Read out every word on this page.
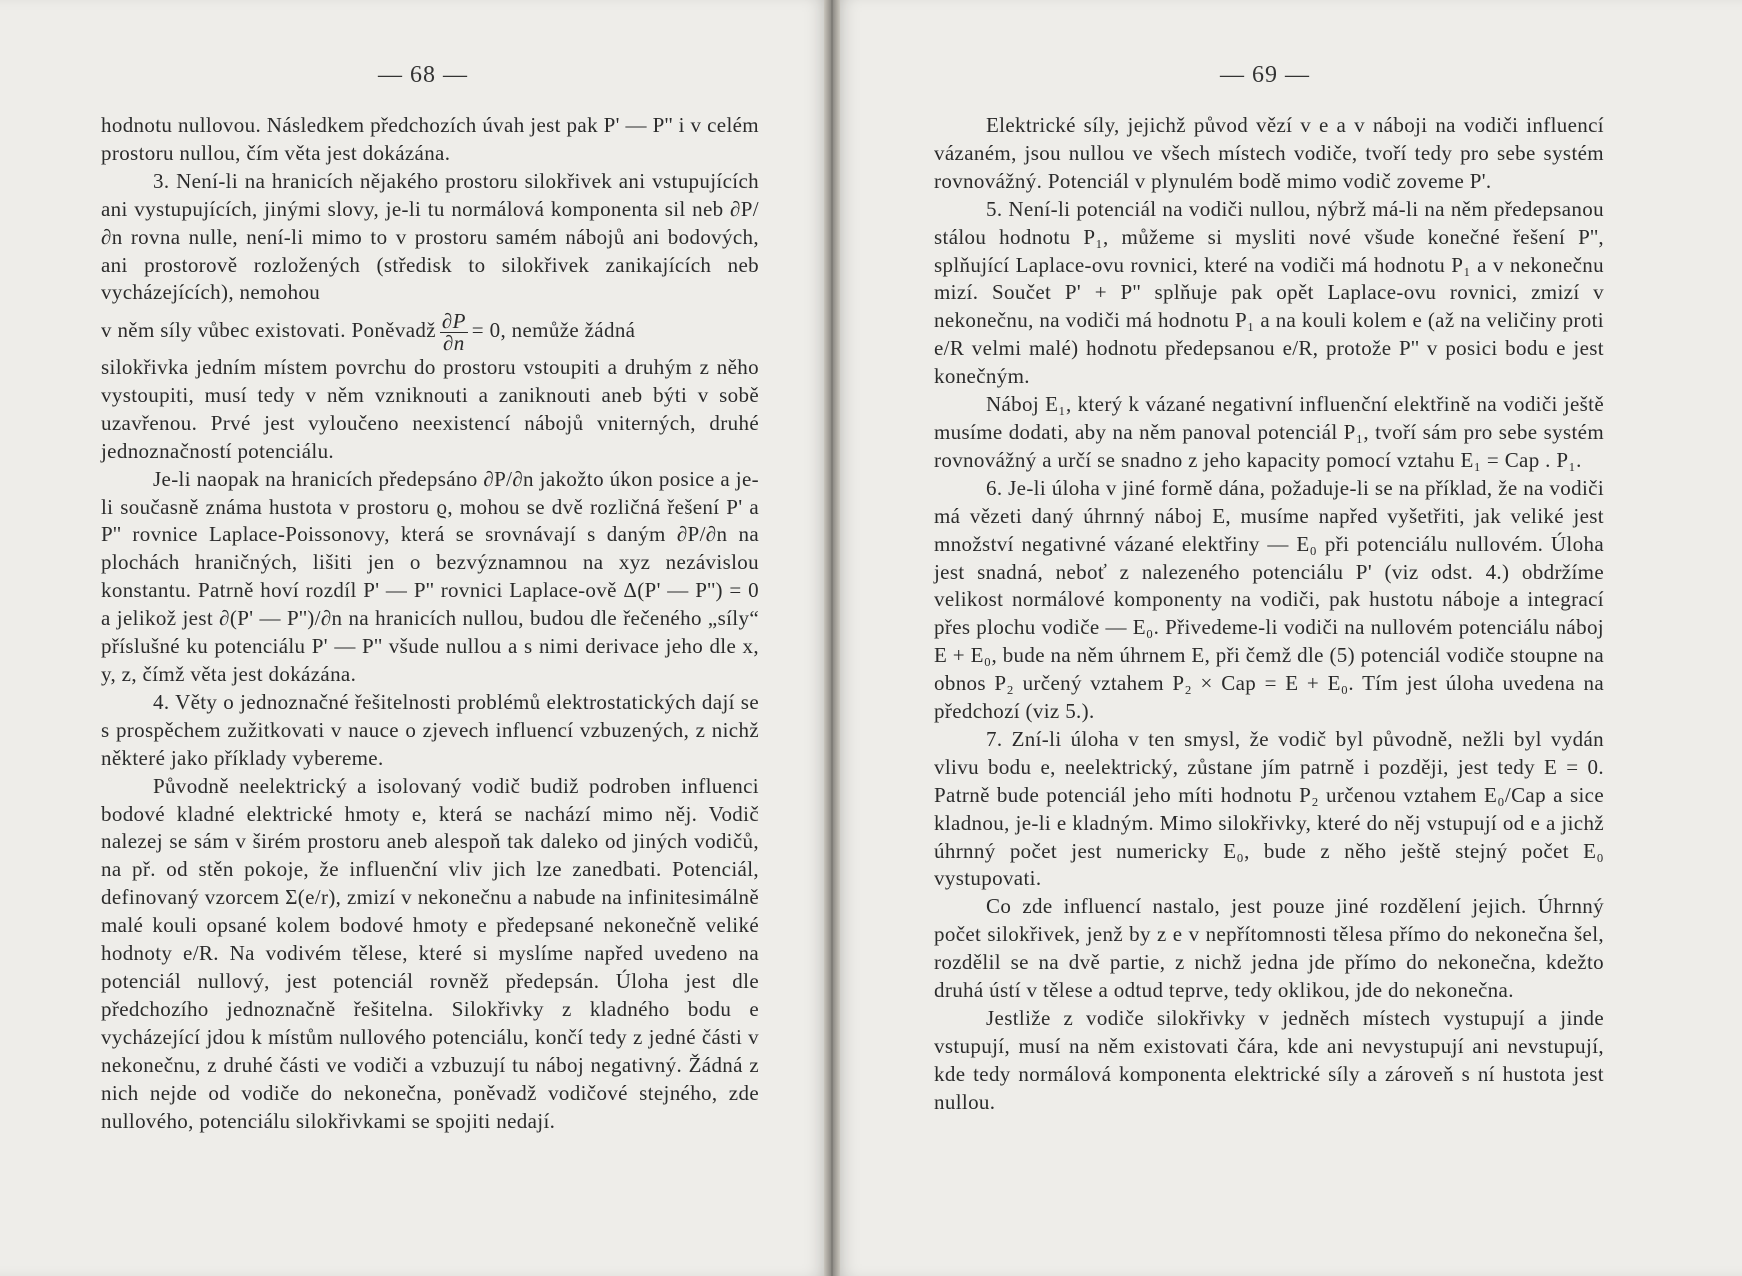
— 68 —

hodnotu nullovou. Následkem předchozích úvah jest pak P' — P'' i v celém prostoru nullou, čím věta jest dokázána.

3. Není-li na hranicích nějakého prostoru silokřivek ani vstupujících ani vystupujících, jinými slovy, je-li tu normálová komponenta sil neb ∂P/∂n rovna nulle, není-li mimo to v prostoru samém nábojů ani bodových, ani prostorově rozložených (středisk to silokřivek zanikajících neb vycházejících), nemohou

v něm síly vůbec existovati. Poněvadž $\frac{\partial P}{\partial n} = 0$, nemůže žádná

silokřivka jedním místem povrchu do prostoru vstoupiti a druhým z něho vystoupiti, musí tedy v něm vzniknouti a zaniknouti aneb býti v sobě uzavřenou. Prvé jest vyloučeno neexistencí nábojů vniterných, druhé jednoznačností potenciálu.

Je-li naopak na hranicích předepsáno ∂P/∂n jakožto úkon posice a je-li současně známa hustota v prostoru ϱ, mohou se dvě rozličná řešení P' a P'' rovnice Laplace-Poissonovy, která se srovnávají s daným ∂P/∂n na plochách hraničných, lišiti jen o bezvýznamnou na xyz nezávislou konstantu. Patrně hoví rozdíl P' — P'' rovnici Laplace-ově Δ(P' — P'') = 0 a jelikož jest ∂(P' — P'')/∂n na hranicích nullou, budou dle řečeného „síly“ příslušné ku potenciálu P' — P'' všude nullou a s nimi derivace jeho dle x, y, z, čímž věta jest dokázána.

4. Věty o jednoznačné řešitelnosti problémů elektrostatických dají se s prospěchem zužitkovati v nauce o zjevech influencí vzbuzených, z nichž některé jako příklady vybereme.

Původně neelektrický a isolovaný vodič budiž podroben influenci bodové kladné elektrické hmoty e, která se nachází mimo něj. Vodič nalezej se sám v širém prostoru aneb alespoň tak daleko od jiných vodičů, na př. od stěn pokoje, že influenční vliv jich lze zanedbati. Potenciál, definovaný vzorcem Σ(e/r), zmizí v nekonečnu a nabude na infinitesimálně malé kouli opsané kolem bodové hmoty e předepsané nekonečně veliké hodnoty e/R. Na vodivém tělese, které si myslíme napřed uvedeno na potenciál nullový, jest potenciál rovněž předepsán. Úloha jest dle předchozího jednoznačně řešitelna. Silokřivky z kladného bodu e vycházející jdou k místům nullového potenciálu, končí tedy z jedné části v nekonečnu, z druhé části ve vodiči a vzbuzují tu náboj negativný. Žádná z nich nejde od vodiče do nekonečna, poněvadž vodičové stejného, zde nullového, potenciálu silokřivkami se spojiti nedají.

— 69 —

Elektrické síly, jejichž původ vězí v e a v náboji na vodiči influencí vázaném, jsou nullou ve všech místech vodiče, tvoří tedy pro sebe systém rovnovážný. Potenciál v plynulém bodě mimo vodič zoveme P'.

5. Není-li potenciál na vodiči nullou, nýbrž má-li na něm předepsanou stálou hodnotu P₁, můžeme si mysliti nové všude konečné řešení P'', splňující Laplace-ovu rovnici, které na vodiči má hodnotu P₁ a v nekonečnu mizí. Součet P' + P'' splňuje pak opět Laplace-ovu rovnici, zmizí v nekonečnu, na vodiči má hodnotu P₁ a na kouli kolem e (až na veličiny proti e/R velmi malé) hodnotu předepsanou e/R, protože P'' v posici bodu e jest konečným.

Náboj E₁, který k vázané negativní influenční elektřině na vodiči ještě musíme dodati, aby na něm panoval potenciál P₁, tvoří sám pro sebe systém rovnovážný a určí se snadno z jeho kapacity pomocí vztahu E₁ = Cap . P₁.

6. Je-li úloha v jiné formě dána, požaduje-li se na příklad, že na vodiči má vězeti daný úhrnný náboj E, musíme napřed vyšetřiti, jak veliké jest množství negativné vázané elektřiny — E₀ při potenciálu nullovém. Úloha jest snadná, neboť z nalezeného potenciálu P' (viz odst. 4.) obdržíme velikost normálové komponenty na vodiči, pak hustotu náboje a integrací přes plochu vodiče — E₀. Přivedeme-li vodiči na nullovém potenciálu náboj E + E₀, bude na něm úhrnem E, při čemž dle (5) potenciál vodiče stoupne na obnos P₂ určený vztahem P₂ × Cap = E + E₀. Tím jest úloha uvedena na předchozí (viz 5.).

7. Zní-li úloha v ten smysl, že vodič byl původně, nežli byl vydán vlivu bodu e, neelektrický, zůstane jím patrně i později, jest tedy E = 0. Patrně bude potenciál jeho míti hodnotu P₂ určenou vztahem E₀/Cap a sice kladnou, je-li e kladným. Mimo silokřivky, které do něj vstupují od e a jichž úhrnný počet jest numericky E₀, bude z něho ještě stejný počet E₀ vystupovati.

Co zde influencí nastalo, jest pouze jiné rozdělení jejich. Úhrnný počet silokřivek, jenž by z e v nepřítomnosti tělesa přímo do nekonečna šel, rozdělil se na dvě partie, z nichž jedna jde přímo do nekonečna, kdežto druhá ústí v tělese a odtud teprve, tedy oklikou, jde do nekonečna.

Jestliže z vodiče silokřivky v jedněch místech vystupují a jinde vstupují, musí na něm existovati čára, kde ani nevystupují ani nevstupují, kde tedy normálová komponenta elektrické síly a zároveň s ní hustota jest nullou.
